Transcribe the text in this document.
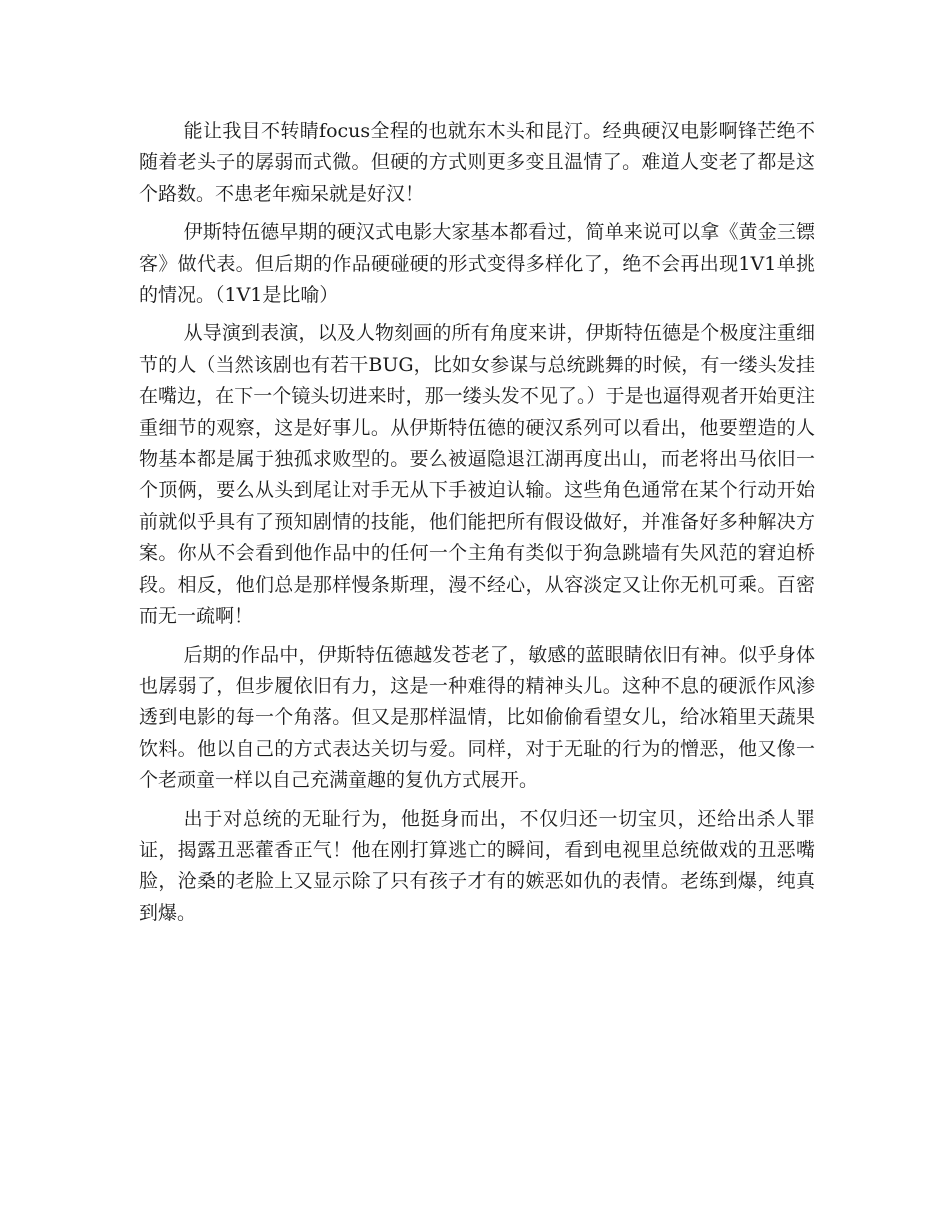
能让我目不转睛focus全程的也就东木头和昆汀。经典硬汉电影啊锋芒绝不随着老头子的孱弱而式微。但硬的方式则更多变且温情了。难道人变老了都是这个路数。不患老年痴呆就是好汉！

伊斯特伍德早期的硬汉式电影大家基本都看过，简单来说可以拿《黄金三镖客》做代表。但后期的作品硬碰硬的形式变得多样化了，绝不会再出现1V1单挑的情况。（1V1是比喻）

从导演到表演，以及人物刻画的所有角度来讲，伊斯特伍德是个极度注重细节的人（当然该剧也有若干BUG，比如女参谋与总统跳舞的时候，有一缕头发挂在嘴边，在下一个镜头切进来时，那一缕头发不见了。）于是也逼得观者开始更注重细节的观察，这是好事儿。从伊斯特伍德的硬汉系列可以看出，他要塑造的人物基本都是属于独孤求败型的。要么被逼隐退江湖再度出山，而老将出马依旧一个顶俩，要么从头到尾让对手无从下手被迫认输。这些角色通常在某个行动开始前就似乎具有了预知剧情的技能，他们能把所有假设做好，并准备好多种解决方案。你从不会看到他作品中的任何一个主角有类似于狗急跳墙有失风范的窘迫桥段。相反，他们总是那样慢条斯理，漫不经心，从容淡定又让你无机可乘。百密而无一疏啊！

后期的作品中，伊斯特伍德越发苍老了，敏感的蓝眼睛依旧有神。似乎身体也孱弱了，但步履依旧有力，这是一种难得的精神头儿。这种不息的硬派作风渗透到电影的每一个角落。但又是那样温情，比如偷偷看望女儿，给冰箱里天蔬果饮料。他以自己的方式表达关切与爱。同样，对于无耻的行为的憎恶，他又像一个老顽童一样以自己充满童趣的复仇方式展开。

出于对总统的无耻行为，他挺身而出，不仅归还一切宝贝，还给出杀人罪证，揭露丑恶藿香正气！他在刚打算逃亡的瞬间，看到电视里总统做戏的丑恶嘴脸，沧桑的老脸上又显示除了只有孩子才有的嫉恶如仇的表情。老练到爆，纯真到爆。
